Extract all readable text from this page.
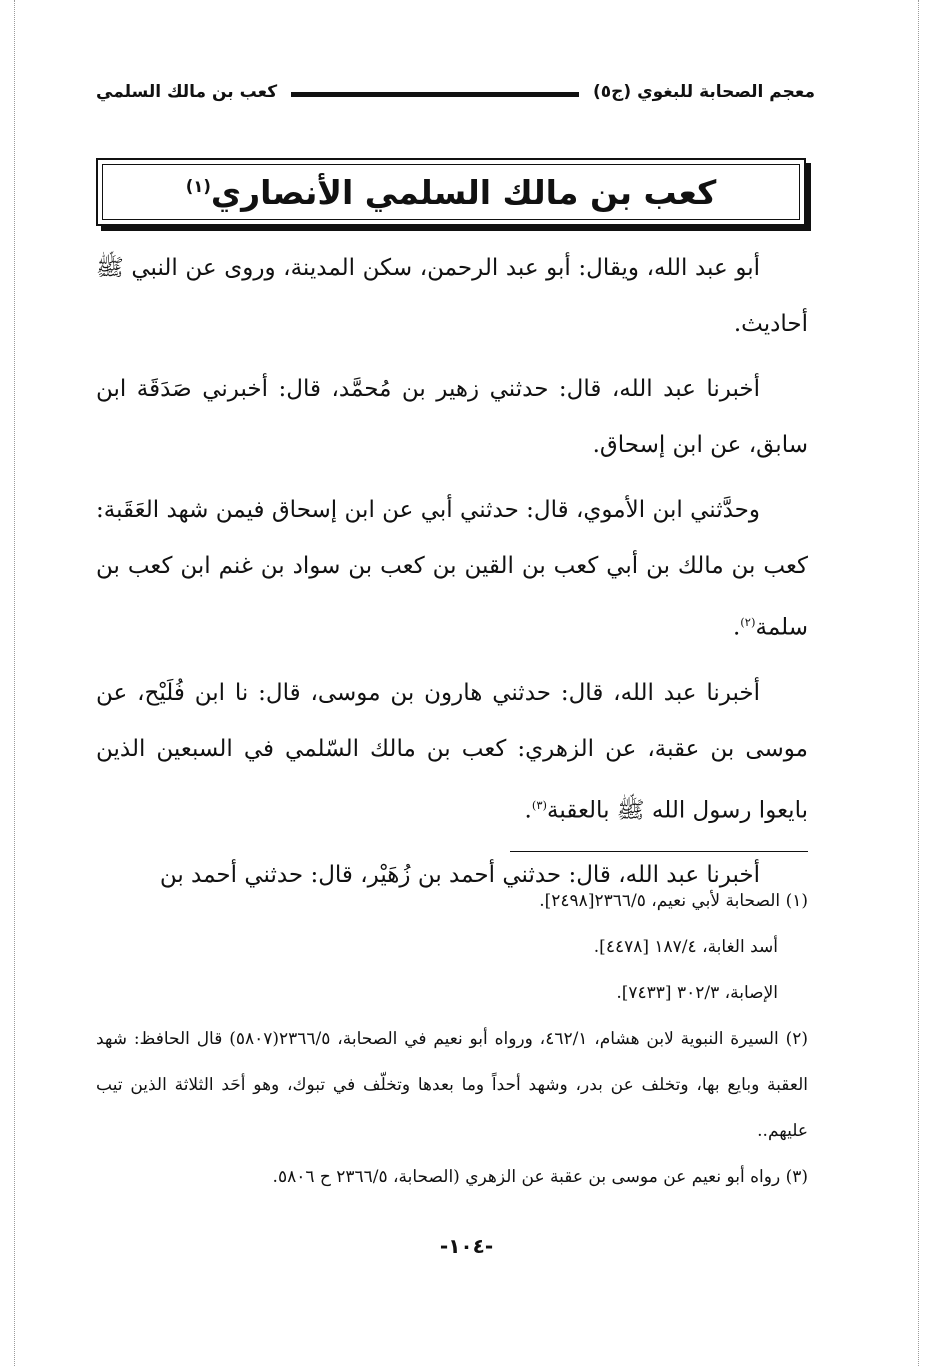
معجم الصحابة للبغوي (ج٥)
كعب بن مالك السلمي
كعب بن مالك السلمي الأنصاري$^{(١)}$

أبو عبد الله، ويقال: أبو عبد الرحمن، سكن المدينة، وروى عن النبي ﷺ أحاديث.

أخبرنا عبد الله، قال: حدثني زهير بن مُحمَّد، قال: أخبرني صَدَقَة ابن سابق، عن ابن إسحاق.

وحدَّثني ابن الأموي، قال: حدثني أبي عن ابن إسحاق فيمن شهد العَقَبة: كعب بن مالك بن أبي كعب بن القين بن كعب بن سواد بن غنم ابن كعب بن سلمة$^{(٢)}$.

أخبرنا عبد الله، قال: حدثني هارون بن موسى، قال: نا ابن فُلَيْح، عن موسى بن عقبة، عن الزهري: كعب بن مالك السّلمي في السبعين الذين بايعوا رسول الله ﷺ بالعقبة$^{(٣)}$.

أخبرنا عبد الله، قال: حدثني أحمد بن زُهَيْر، قال: حدثني أحمد بن

(١) الصحابة لأبي نعيم، ٢٣٦٦/٥[٢٤٩٨].

أسد الغابة، ١٨٧/٤ [٤٤٧٨].

الإصابة، ٣٠٢/٣ [٧٤٣٣].

(٢) السيرة النبوية لابن هشام، ٤٦٢/١، ورواه أبو نعيم في الصحابة، ٢٣٦٦/٥(٥٨٠٧) قال الحافظ: شهد العقبة وبايع بها، وتخلف عن بدر، وشهد أحداً وما بعدها وتخلّف في تبوك، وهو أحَد الثلاثة الذين تيب عليهم..

(٣) رواه أبو نعيم عن موسى بن عقبة عن الزهري (الصحابة، ٢٣٦٦/٥ ح ٥٨٠٦.

-١٠٤-
